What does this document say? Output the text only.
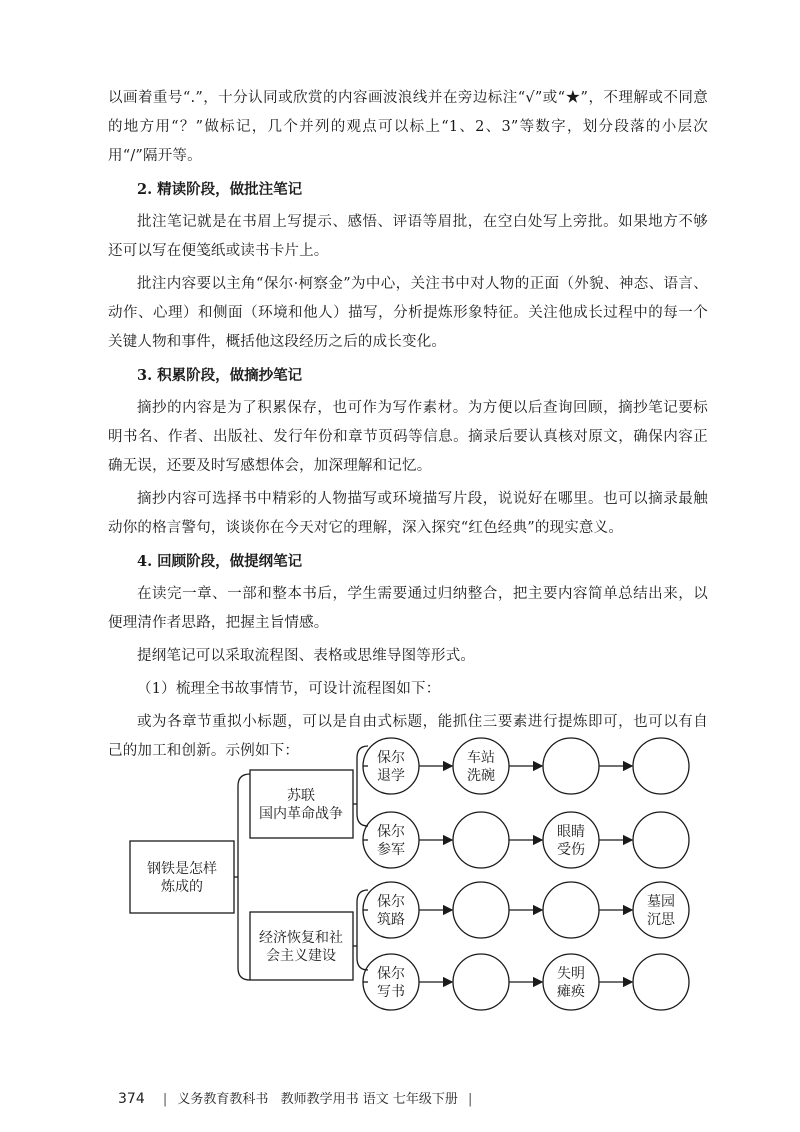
以画着重号“.”，十分认同或欣赏的内容画波浪线并在旁边标注“√”或“★”，不理解或不同意的地方用“？”做标记，几个并列的观点可以标上“1、2、3”等数字，划分段落的小层次用“/”隔开等。

2. 精读阶段，做批注笔记

批注笔记就是在书眉上写提示、感悟、评语等眉批，在空白处写上旁批。如果地方不够还可以写在便笺纸或读书卡片上。

批注内容要以主角“保尔·柯察金”为中心，关注书中对人物的正面（外貌、神态、语言、动作、心理）和侧面（环境和他人）描写，分析提炼形象特征。关注他成长过程中的每一个关键人物和事件，概括他这段经历之后的成长变化。

3. 积累阶段，做摘抄笔记

摘抄的内容是为了积累保存，也可作为写作素材。为方便以后查询回顾，摘抄笔记要标明书名、作者、出版社、发行年份和章节页码等信息。摘录后要认真核对原文，确保内容正确无误，还要及时写感想体会，加深理解和记忆。

摘抄内容可选择书中精彩的人物描写或环境描写片段，说说好在哪里。也可以摘录最触动你的格言警句，谈谈你在今天对它的理解，深入探究“红色经典”的现实意义。

4. 回顾阶段，做提纲笔记

在读完一章、一部和整本书后，学生需要通过归纳整合，把主要内容简单总结出来，以便理清作者思路，把握主旨情感。

提纲笔记可以采取流程图、表格或思维导图等形式。

（1）梳理全书故事情节，可设计流程图如下：

或为各章节重拟小标题，可以是自由式标题，能抓住三要素进行提炼即可，也可以有自己的加工和创新。示例如下：

钢铁是怎样
炼成的
苏联
国内革命战争
经济恢复和社
会主义建设
保尔
退学
车站
洗碗
保尔
参军
眼睛
受伤
保尔
筑路
墓园
沉思
保尔
写书
失明
瘫痪
374 | 义务教育教科书 教师教学用书 语文 七年级下册 |
